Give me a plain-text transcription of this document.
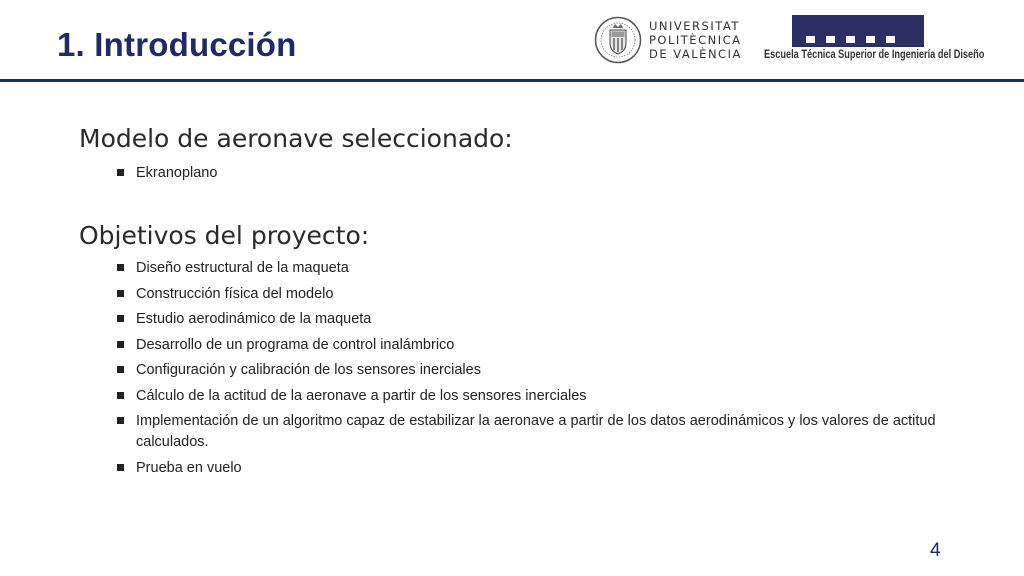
1. Introducción	UNIVERSITAT
POLITÈCNICA
DE VALÈNCIA Escuela Técnica Superior de Ingeniería del Diseño
Modelo de aeronave seleccionado:
Ekranoplano
Objetivos del proyecto:
Diseño estructural de la maqueta
Construcción física del modelo
Estudio aerodinámico de la maqueta
Desarrollo de un programa de control inalámbrico
Configuración y calibración de los sensores inerciales
Cálculo de la actitud de la aeronave a partir de los sensores inerciales
Implementación de un algoritmo capaz de estabilizar la aeronave a partir de los datos aerodinámicos y los valores de actitud calculados.
Prueba en vuelo
4
